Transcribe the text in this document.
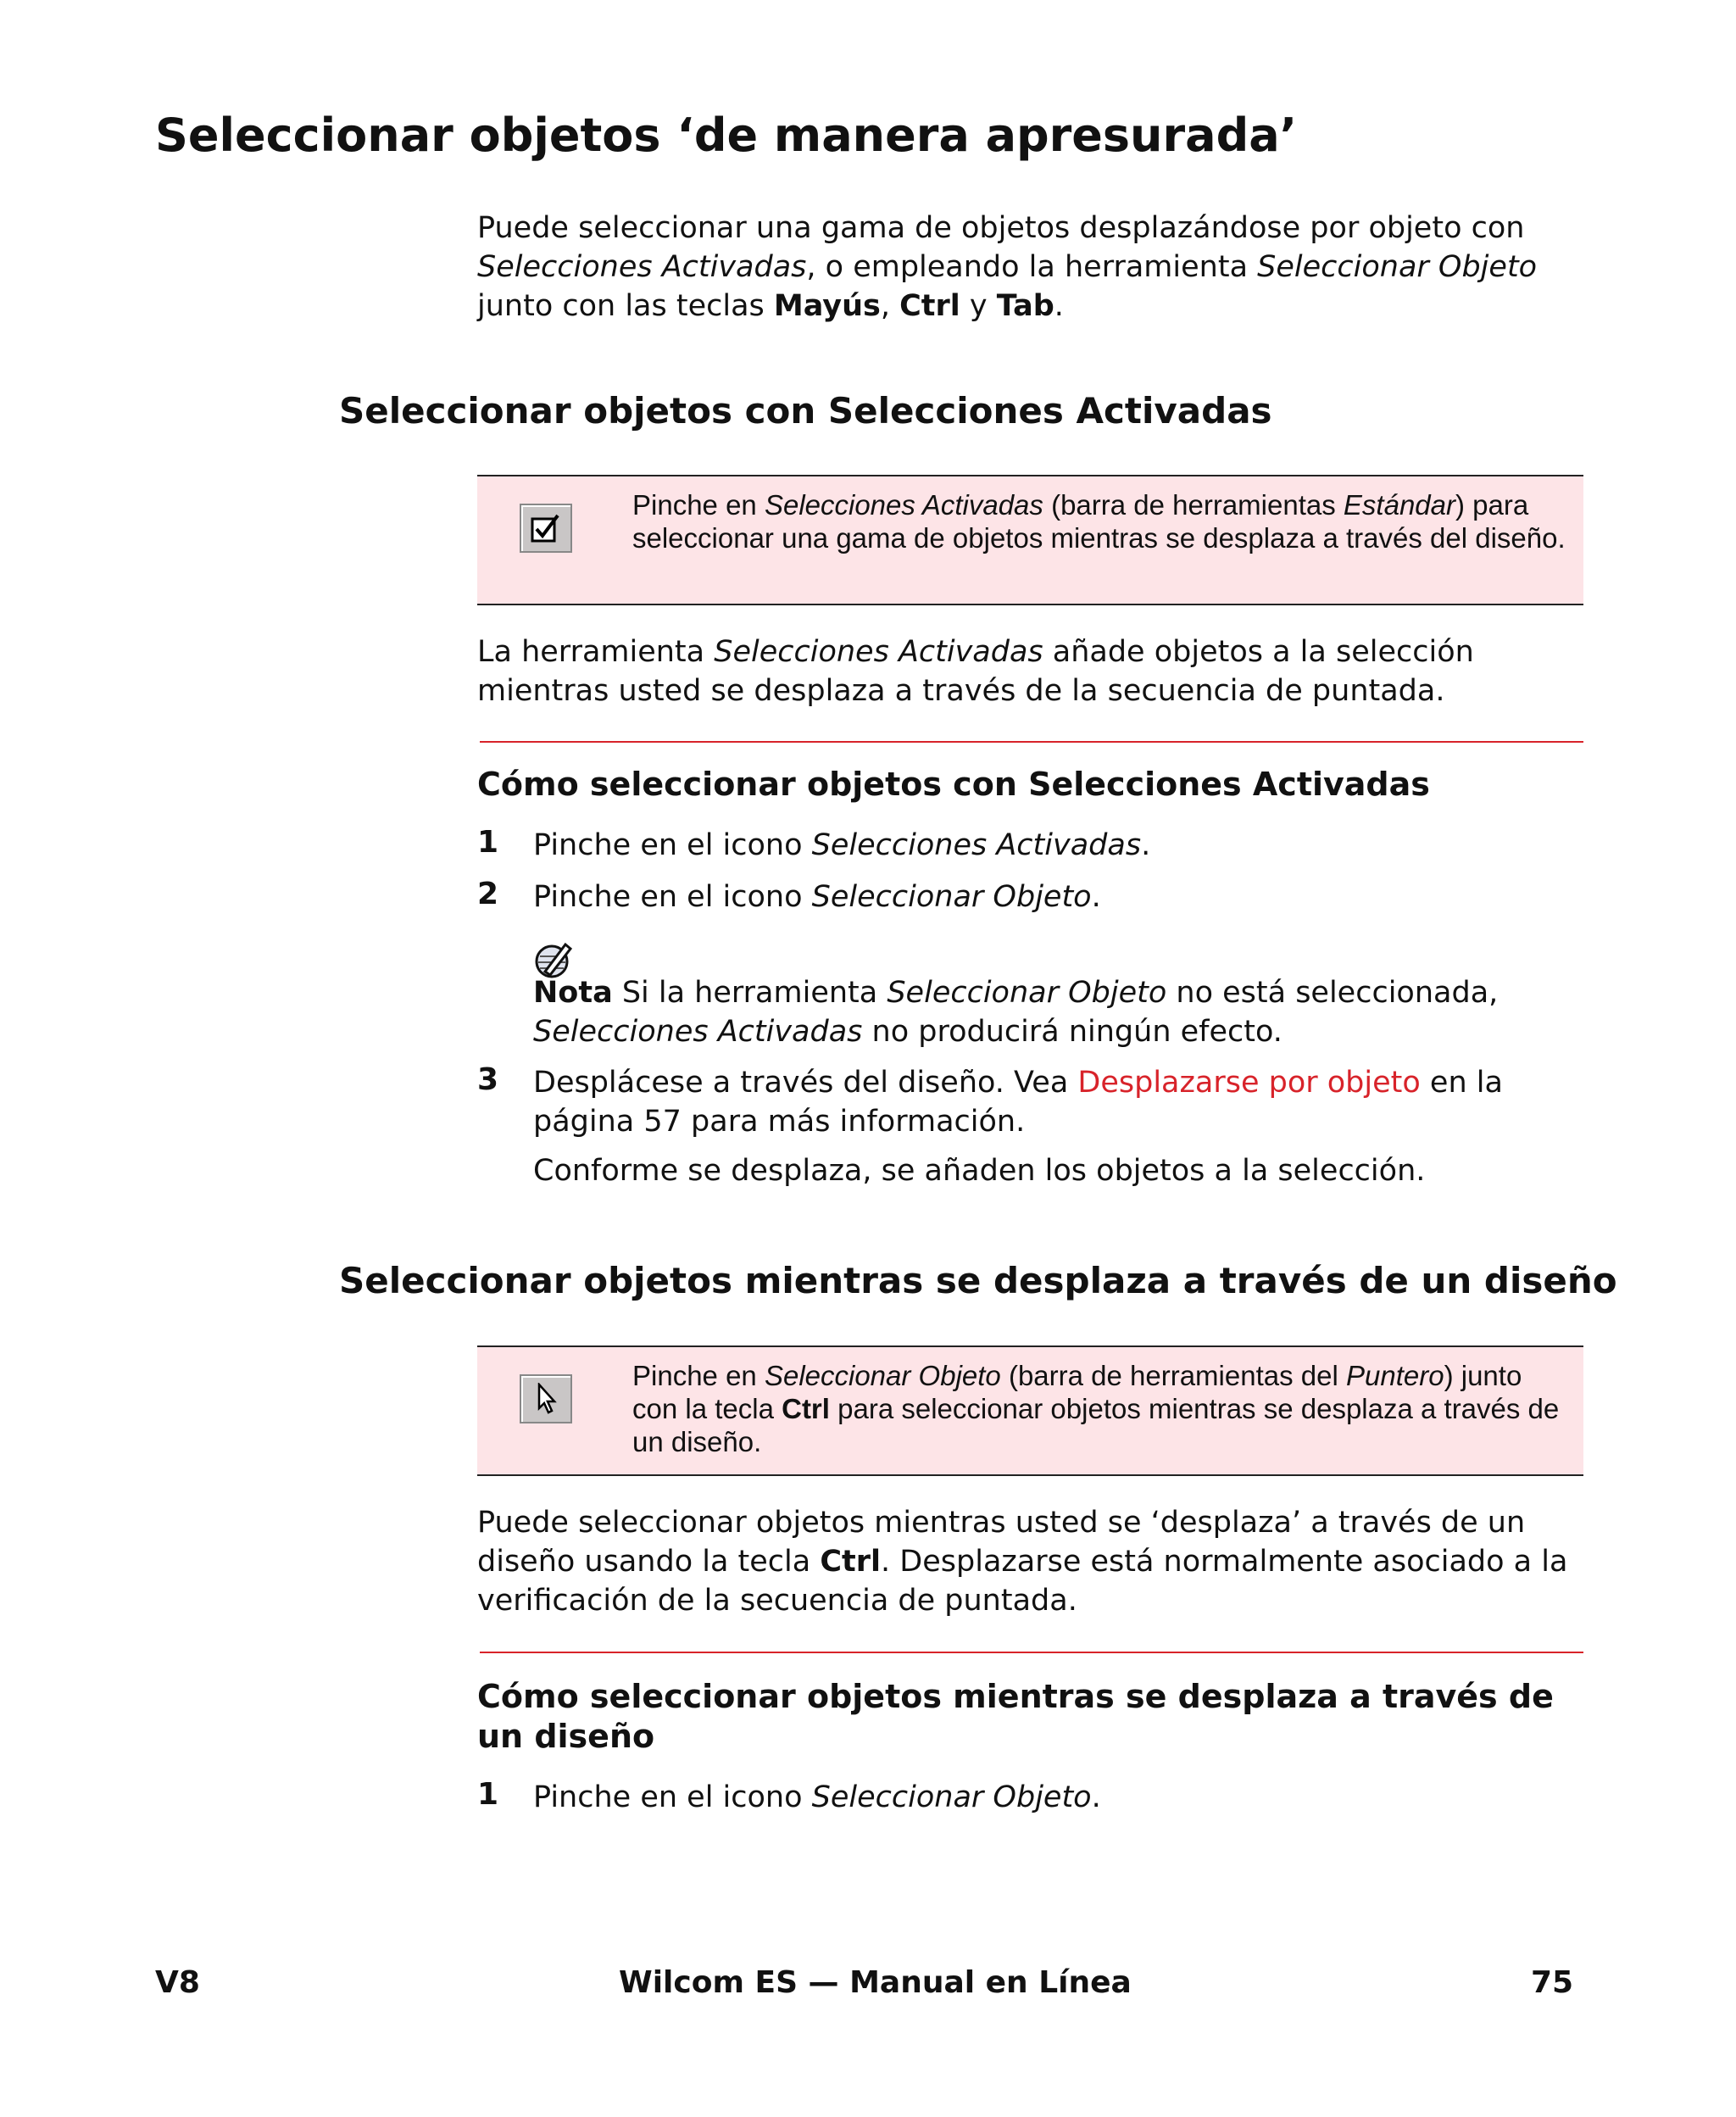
Seleccionar objetos ‘de manera apresurada’
Puede seleccionar una gama de objetos desplazándose por objeto con Selecciones Activadas, o empleando la herramienta Seleccionar Objeto junto con las teclas Mayús, Ctrl y Tab.
Seleccionar objetos con Selecciones Activadas
Pinche en Selecciones Activadas (barra de herramientas Estándar) para seleccionar una gama de objetos mientras se desplaza a través del diseño.
La herramienta Selecciones Activadas añade objetos a la selección mientras usted se desplaza a través de la secuencia de puntada.
Cómo seleccionar objetos con Selecciones Activadas
1 Pinche en el icono Selecciones Activadas.
2 Pinche en el icono Seleccionar Objeto.
Nota Si la herramienta Seleccionar Objeto no está seleccionada, Selecciones Activadas no producirá ningún efecto.
3 Desplácese a través del diseño. Vea Desplazarse por objeto en la página 57 para más información.
Conforme se desplaza, se añaden los objetos a la selección.
Seleccionar objetos mientras se desplaza a través de un diseño
Pinche en Seleccionar Objeto (barra de herramientas del Puntero) junto con la tecla Ctrl para seleccionar objetos mientras se desplaza a través de un diseño.
Puede seleccionar objetos mientras usted se ‘desplaza’ a través de un diseño usando la tecla Ctrl. Desplazarse está normalmente asociado a la verificación de la secuencia de puntada.
Cómo seleccionar objetos mientras se desplaza a través de un diseño
1 Pinche en el icono Seleccionar Objeto.
V8	Wilcom ES — Manual en Línea	75
